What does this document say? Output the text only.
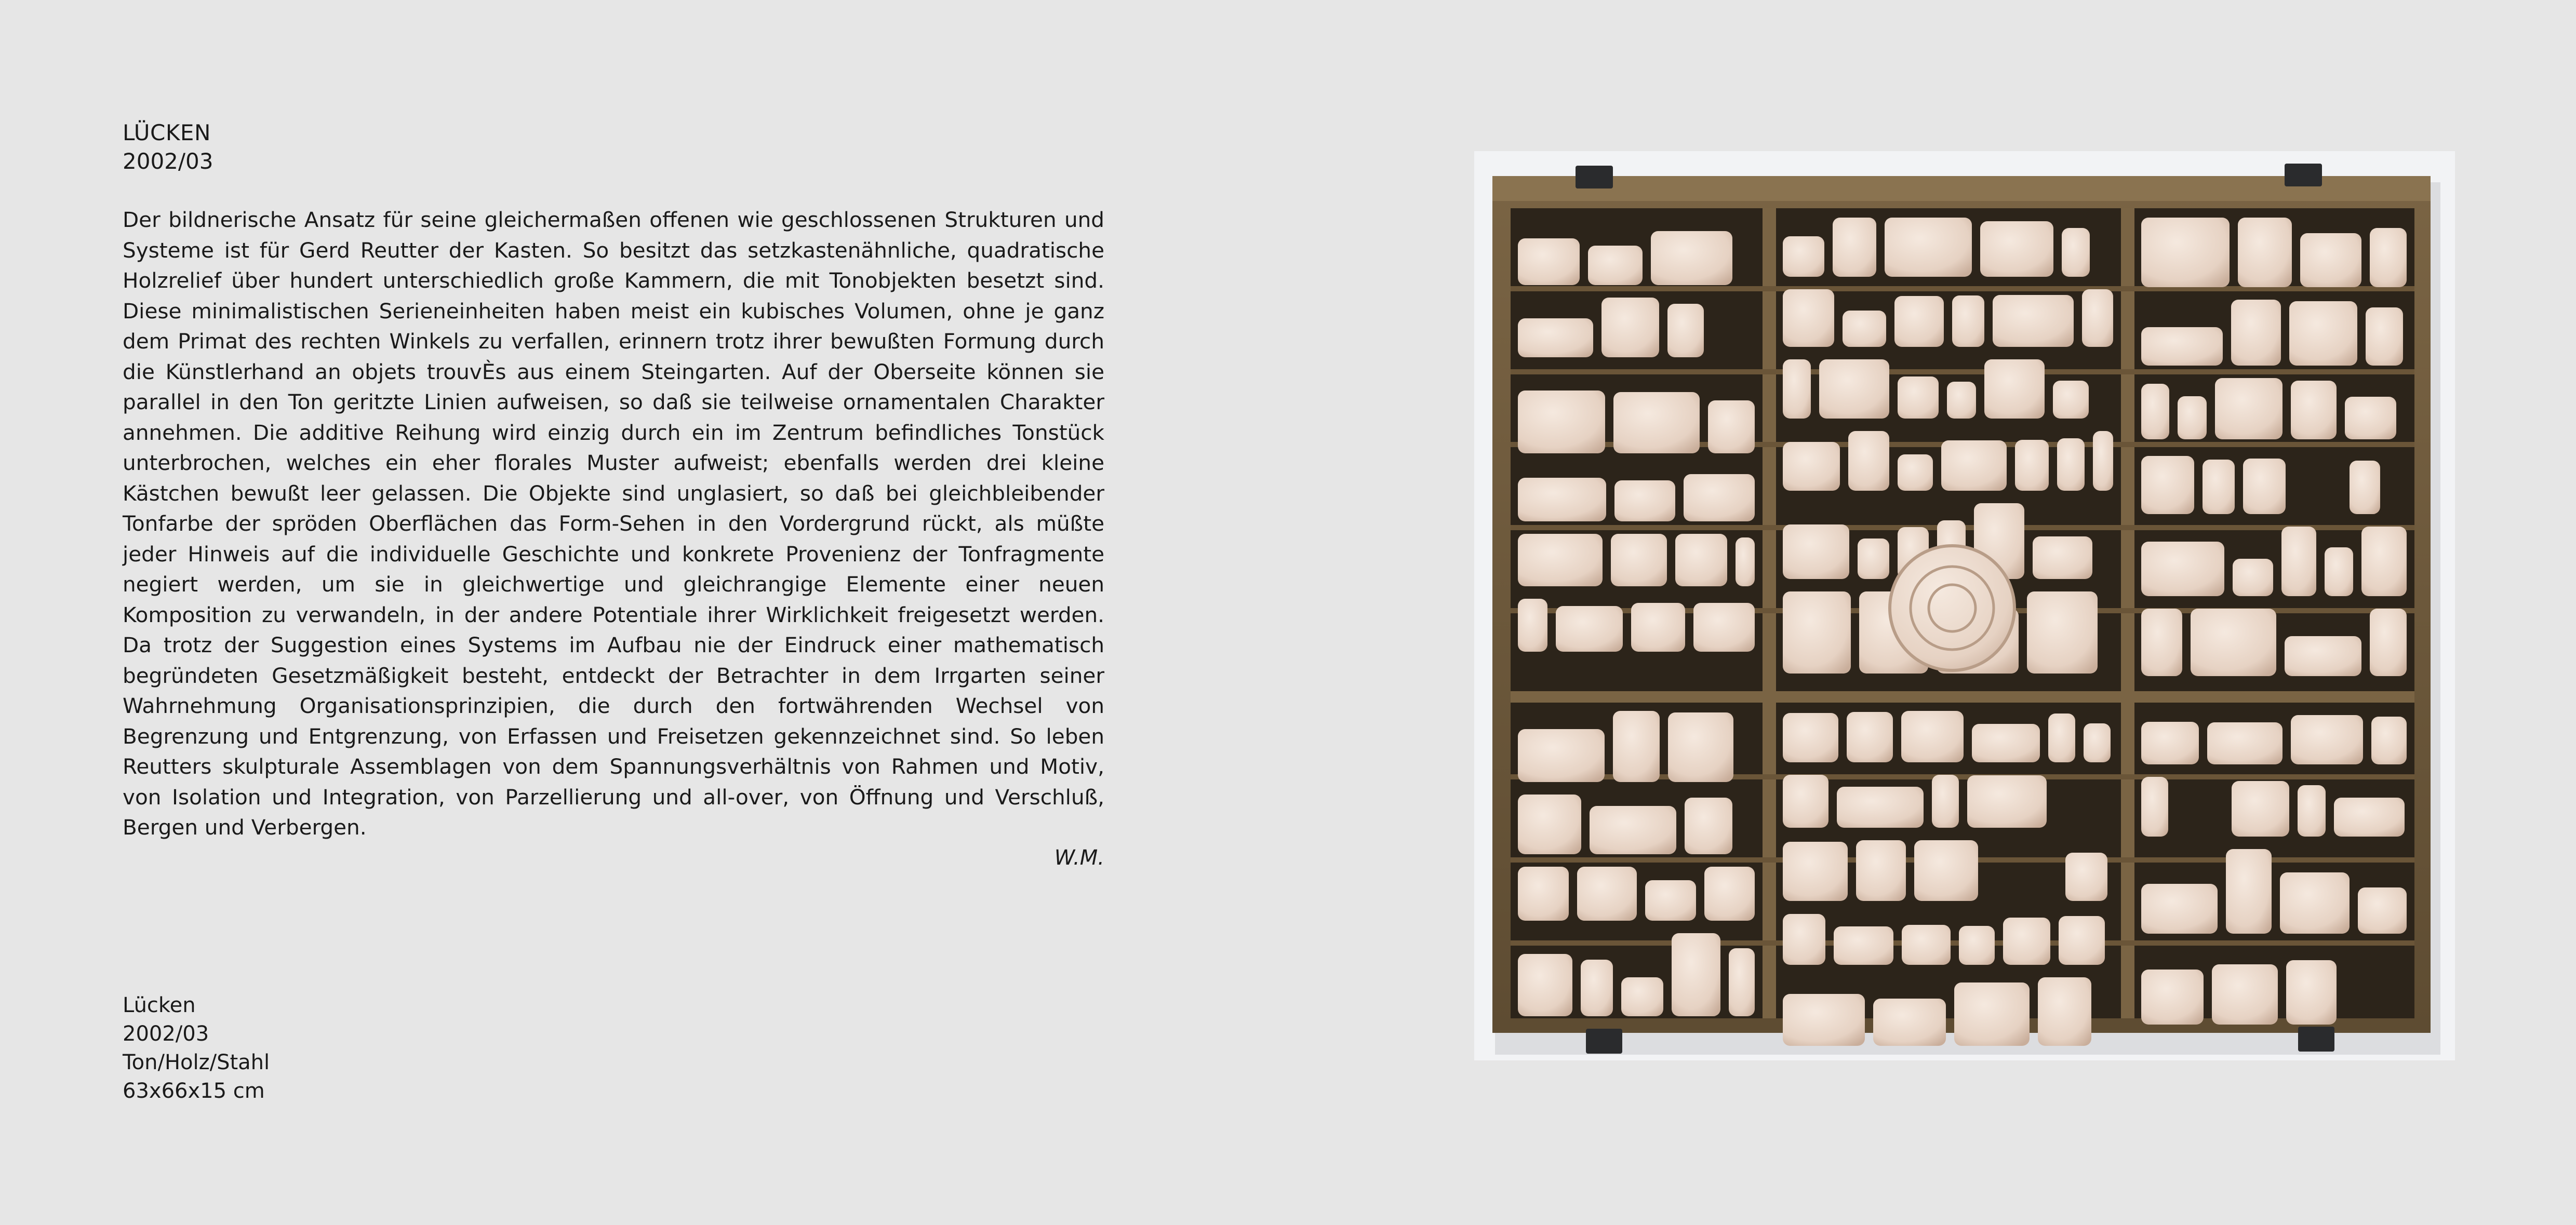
LÜCKEN
2002/03

Der bildnerische Ansatz für seine gleichermaßen offenen wie geschlossenen Strukturen und Systeme ist für Gerd Reutter der Kasten. So besitzt das setzkastenähnliche, quadratische Holzrelief über hundert unterschiedlich große Kammern, die mit Tonobjekten besetzt sind. Diese minimalistischen Serieneinheiten haben meist ein kubisches Volumen, ohne je ganz dem Primat des rechten Winkels zu verfallen, erinnern trotz ihrer bewußten Formung durch die Künstlerhand an objets trouvÈs aus einem Steingarten. Auf der Oberseite können sie parallel in den Ton geritzte Linien aufweisen, so daß sie teilweise ornamentalen Charakter annehmen. Die additive Reihung wird einzig durch ein im Zentrum befindliches Tonstück unterbrochen, welches ein eher florales Muster aufweist; ebenfalls werden drei kleine Kästchen bewußt leer gelassen. Die Objekte sind unglasiert, so daß bei gleichbleibender Tonfarbe der spröden Oberflächen das Form-Sehen in den Vordergrund rückt, als müßte jeder Hinweis auf die individuelle Geschichte und konkrete Provenienz der Tonfragmente negiert werden, um sie in gleichwertige und gleichrangige Elemente einer neuen Komposition zu verwandeln, in der andere Potentiale ihrer Wirklichkeit freigesetzt werden. Da trotz der Suggestion eines Systems im Aufbau nie der Eindruck einer mathematisch begründeten Gesetzmäßigkeit besteht, entdeckt der Betrachter in dem Irrgarten seiner Wahrnehmung Organisationsprinzipien, die durch den fortwährenden Wechsel von Begrenzung und Entgrenzung, von Erfassen und Freisetzen gekennzeichnet sind. So leben Reutters skulpturale Assemblagen von dem Spannungsverhältnis von Rahmen und Motiv, von Isolation und Integration, von Parzellierung und all-over, von Öffnung und Verschluß, Bergen und Verbergen.

W.M.

Lücken
2002/03
Ton/Holz/Stahl
63x66x15 cm
